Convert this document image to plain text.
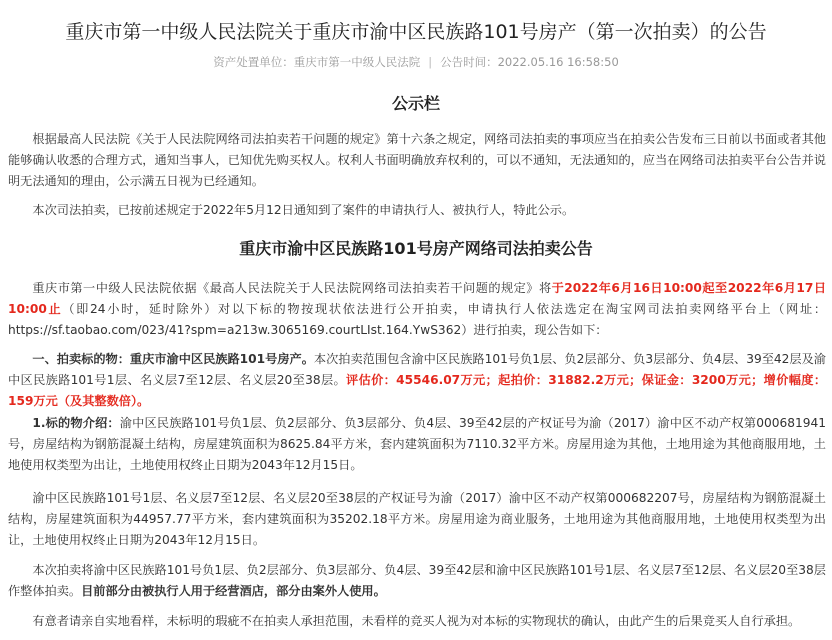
重庆市第一中级人民法院关于重庆市渝中区民族路101号房产（第一次拍卖）的公告
资产处置单位：重庆市第一中级人民法院 | 公告时间：2022.05.16 16:58:50
公示栏

根据最高人民法院《关于人民法院网络司法拍卖若干问题的规定》第十六条之规定，网络司法拍卖的事项应当在拍卖公告发布三日前以书面或者其他能够确认收悉的合理方式，通知当事人，已知优先购买权人。权利人书面明确放弃权利的，可以不通知，无法通知的，应当在网络司法拍卖平台公告并说明无法通知的理由，公示满五日视为已经通知。

本次司法拍卖，已按前述规定于2022年5月12日通知到了案件的申请执行人、被执行人，特此公示。

重庆市渝中区民族路101号房产网络司法拍卖公告

重庆市第一中级人民法院依据《最高人民法院关于人民法院网络司法拍卖若干问题的规定》将于2022年6月16日10:00起至2022年6月17日10:00止（即24小时，延时除外）对以下标的物按现状依法进行公开拍卖，申请执行人依法选定在淘宝网司法拍卖网络平台上（网址：https://sf.taobao.com/023/41?spm=a213w.3065169.courtLIst.164.YwS362）进行拍卖，现公告如下：

一、拍卖标的物：重庆市渝中区民族路101号房产。本次拍卖范围包含渝中区民族路101号负1层、负2层部分、负3层部分、负4层、39至42层及渝中区民族路101号1层、名义层7至12层、名义层20至38层。评估价：45546.07万元；起拍价：31882.2万元；保证金：3200万元；增价幅度：159万元（及其整数倍）。

1.标的物介绍：渝中区民族路101号负1层、负2层部分、负3层部分、负4层、39至42层的产权证号为渝（2017）渝中区不动产权第000681941号，房屋结构为钢筋混凝土结构，房屋建筑面积为8625.84平方米，套内建筑面积为7110.32平方米。房屋用途为其他，土地用途为其他商服用地，土地使用权类型为出让，土地使用权终止日期为2043年12月15日。

渝中区民族路101号1层、名义层7至12层、名义层20至38层的产权证号为渝（2017）渝中区不动产权第000682207号，房屋结构为钢筋混凝土结构，房屋建筑面积为44957.77平方米，套内建筑面积为35202.18平方米。房屋用途为商业服务，土地用途为其他商服用地，土地使用权类型为出让，土地使用权终止日期为2043年12月15日。

本次拍卖将渝中区民族路101号负1层、负2层部分、负3层部分、负4层、39至42层和渝中区民族路101号1层、名义层7至12层、名义层20至38层作整体拍卖。目前部分由被执行人用于经营酒店，部分由案外人使用。

有意者请亲自实地看样，未标明的瑕疵不在拍卖人承担范围，未看样的竞买人视为对本标的实物现状的确认，由此产生的后果竞买人自行承担。
